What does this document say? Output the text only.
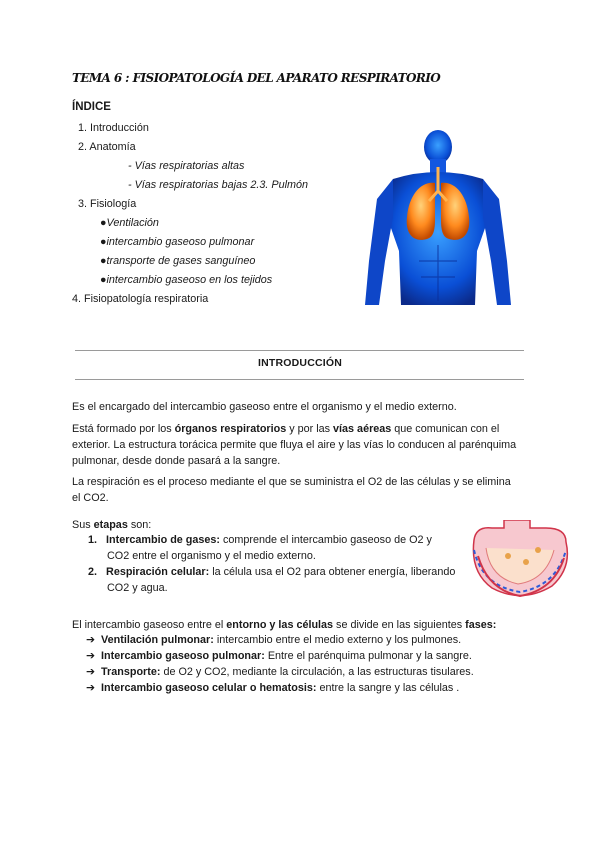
TEMA 6 : FISIOPATOLOGÍA DEL APARATO RESPIRATORIO
ÍNDICE
1. Introducción
2. Anatomía
- Vías respiratorias altas
- Vías respiratorias bajas 2.3. Pulmón
3. Fisiología
●Ventilación
●intercambio gaseoso pulmonar
●transporte de gases sanguíneo
●intercambio gaseoso en los tejidos
4. Fisiopatología respiratoria
INTRODUCCIÓN
Es el encargado del intercambio gaseoso entre el organismo y el medio externo.
Está formado por los órganos respiratorios y por las vías aéreas que comunican con el
exterior. La estructura torácica permite que fluya el aire y las vías lo conducen al parénquima
pulmonar, desde donde pasará a la sangre.
La respiración es el proceso mediante el que se suministra el O2 de las células y se elimina
el CO2.
Sus etapas son:
1. Intercambio de gases: comprende el intercambio gaseoso de O2 y
CO2 entre el organismo y el medio externo.
2. Respiración celular: la célula usa el O2 para obtener energía, liberando
CO2 y agua.
El intercambio gaseoso entre el entorno y las células se divide en las siguientes fases:
➔ Ventilación pulmonar: intercambio entre el medio externo y los pulmones.
➔ Intercambio gaseoso pulmonar: Entre el parénquima pulmonar y la sangre.
➔ Transporte: de O2 y CO2, mediante la circulación, a las estructuras tisulares.
➔ Intercambio gaseoso celular o hematosis: entre la sangre y las células .
